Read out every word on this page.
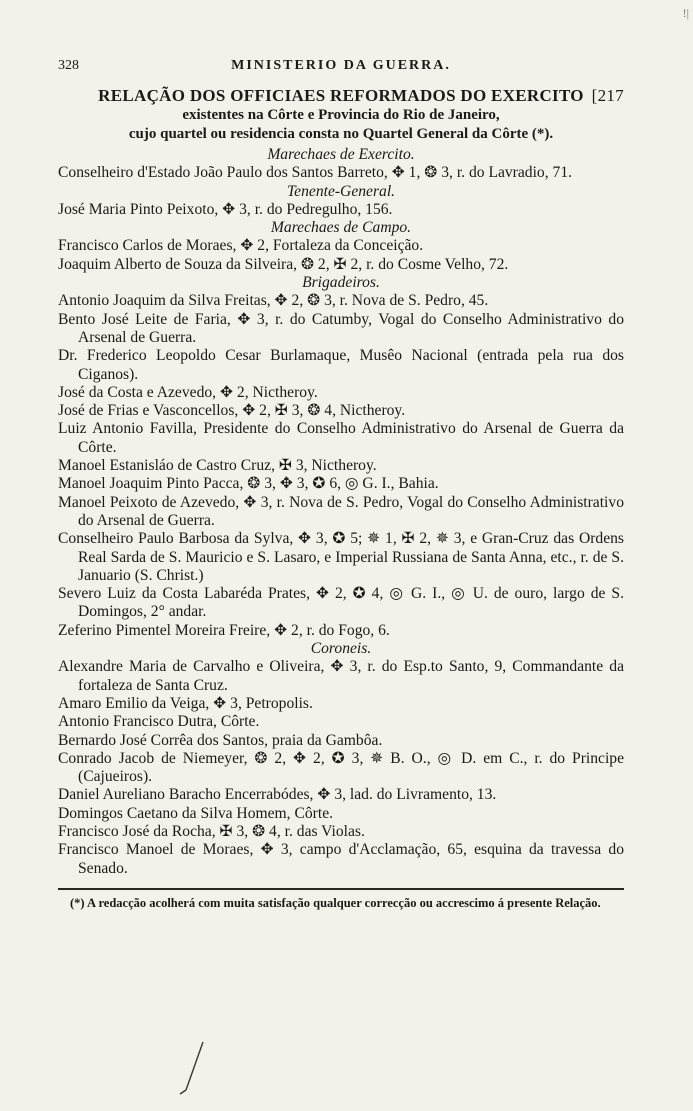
!|
328	MINISTERIO DA GUERRA.
RELAÇÃO DOS OFFICIAES REFORMADOS DO EXERCITO [217
existentes na Côrte e Provincia do Rio de Janeiro,
cujo quartel ou residencia consta no Quartel General da Côrte (*).
Marechaes de Exercito.
Conselheiro d'Estado João Paulo dos Santos Barreto, ✥ 1, ❂ 3, r. do Lavradio, 71.
Tenente-General.
José Maria Pinto Peixoto, ✥ 3, r. do Pedregulho, 156.
Marechaes de Campo.
Francisco Carlos de Moraes, ✥ 2, Fortaleza da Conceição.
Joaquim Alberto de Souza da Silveira, ❂ 2, ✠ 2, r. do Cosme Velho, 72.
Brigadeiros.
Antonio Joaquim da Silva Freitas, ✥ 2, ❂ 3, r. Nova de S. Pedro, 45.
Bento José Leite de Faria, ✥ 3, r. do Catumby, Vogal do Conselho Administrativo do Arsenal de Guerra.
Dr. Frederico Leopoldo Cesar Burlamaque, Musêo Nacional (entrada pela rua dos Ciganos).
José da Costa e Azevedo, ✥ 2, Nictheroy.
José de Frias e Vasconcellos, ✥ 2, ✠ 3, ❂ 4, Nictheroy.
Luiz Antonio Favilla, Presidente do Conselho Administrativo do Arsenal de Guerra da Côrte.
Manoel Estanisláo de Castro Cruz, ✠ 3, Nictheroy.
Manoel Joaquim Pinto Pacca, ❂ 3, ✥ 3, ✪ 6, ◎ G. I., Bahia.
Manoel Peixoto de Azevedo, ✥ 3, r. Nova de S. Pedro, Vogal do Conselho Administrativo do Arsenal de Guerra.
Conselheiro Paulo Barbosa da Sylva, ✥ 3, ✪ 5; ✵ 1, ✠ 2, ✵ 3, e Gran-Cruz das Ordens Real Sarda de S. Mauricio e S. Lasaro, e Imperial Russiana de Santa Anna, etc., r. de S. Januario (S. Christ.)
Severo Luiz da Costa Labaréda Prates, ✥ 2, ✪ 4, ◎ G. I., ◎ U. de ouro, largo de S. Domingos, 2° andar.
Zeferino Pimentel Moreira Freire, ✥ 2, r. do Fogo, 6.
Coroneis.
Alexandre Maria de Carvalho e Oliveira, ✥ 3, r. do Esp.to Santo, 9, Commandante da fortaleza de Santa Cruz.
Amaro Emilio da Veiga, ✥ 3, Petropolis.
Antonio Francisco Dutra, Côrte.
Bernardo José Corrêa dos Santos, praia da Gambôa.
Conrado Jacob de Niemeyer, ❂ 2, ✥ 2, ✪ 3, ✵ B. O., ◎ D. em C., r. do Principe (Cajueiros).
Daniel Aureliano Baracho Encerrabódes, ✥ 3, lad. do Livramento, 13.
Domingos Caetano da Silva Homem, Côrte.
Francisco José da Rocha, ✠ 3, ❂ 4, r. das Violas.
Francisco Manoel de Moraes, ✥ 3, campo d'Acclamação, 65, esquina da travessa do Senado.
(*) A redacção acolherá com muita satisfação qualquer correcção ou accrescimo á presente Relação.
